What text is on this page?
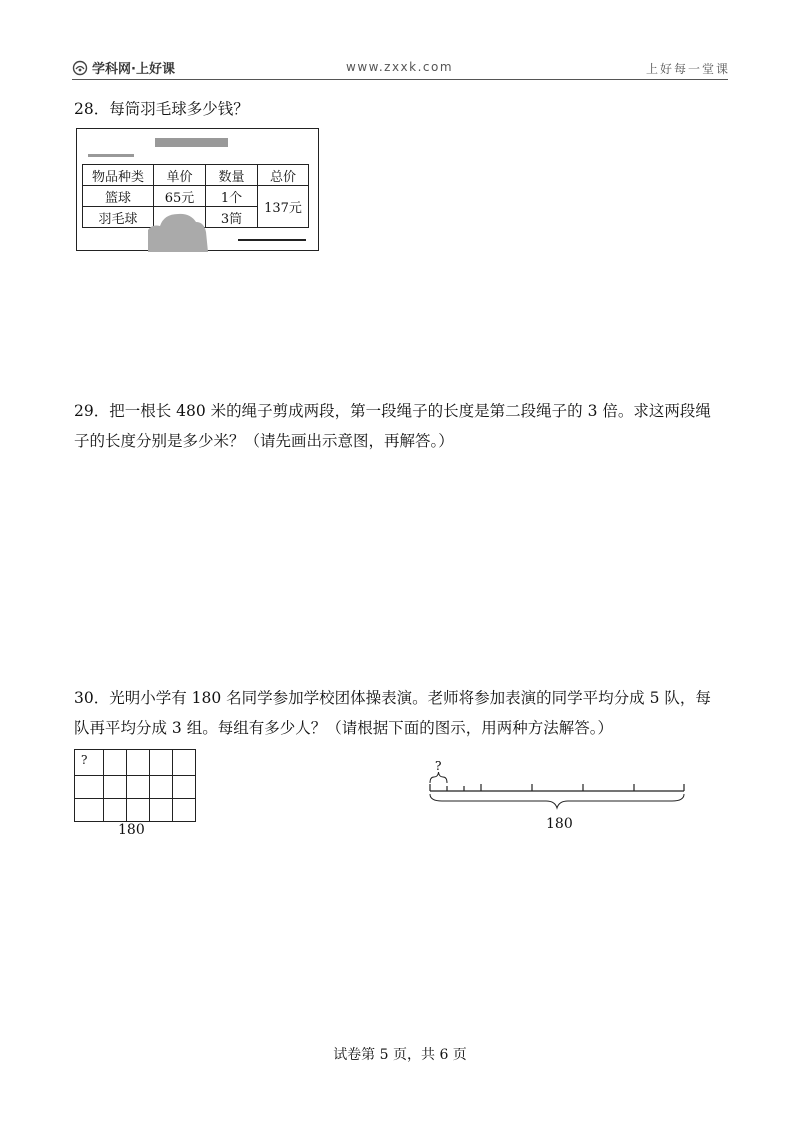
学科网·上好课	www.zxxk.com	上好每一堂课
28．每筒羽毛球多少钱？
物品种类	单价	数量	总价
篮球	65元	1个	137元
羽毛球		3筒	
29．把一根长 480 米的绳子剪成两段，第一段绳子的长度是第二段绳子的 3 倍。求这两段绳
子的长度分别是多少米？（请先画出示意图，再解答。）
30．光明小学有 180 名同学参加学校团体操表演。老师将参加表演的同学平均分成 5 队，每
队再平均分成 3 组。每组有多少人？（请根据下面的图示，用两种方法解答。）
?				

180
?
180
试卷第 5 页，共 6 页
